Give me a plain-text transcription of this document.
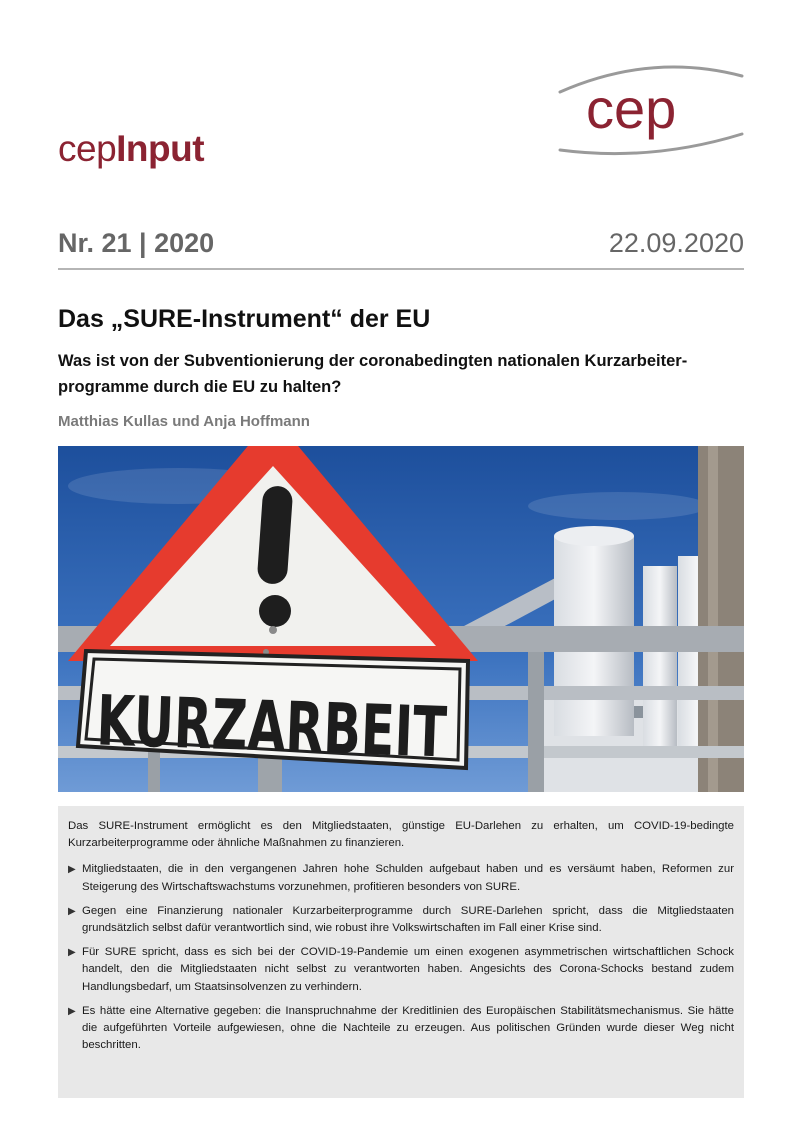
cep
cepInput
Nr. 21 | 2020	22.09.2020
Das „SURE-Instrument“ der EU
Was ist von der Subventionierung der coronabedingten nationalen Kurzarbeiter-programme durch die EU zu halten?
Matthias Kullas und Anja Hoffmann
KURZARBEIT

Das SURE-Instrument ermöglicht es den Mitgliedstaaten, günstige EU-Darlehen zu erhalten, um COVID-19-bedingte Kurzarbeiterprogramme oder ähnliche Maßnahmen zu finanzieren.

▶ Mitgliedstaaten, die in den vergangenen Jahren hohe Schulden aufgebaut haben und es versäumt haben, Reformen zur Steigerung des Wirtschaftswachstums vorzunehmen, profitieren besonders von SURE.
▶ Gegen eine Finanzierung nationaler Kurzarbeiterprogramme durch SURE-Darlehen spricht, dass die Mitgliedstaaten grundsätzlich selbst dafür verantwortlich sind, wie robust ihre Volkswirtschaften im Fall einer Krise sind.
▶ Für SURE spricht, dass es sich bei der COVID-19-Pandemie um einen exogenen asymmetrischen wirtschaftlichen Schock handelt, den die Mitgliedstaaten nicht selbst zu verantworten haben. Angesichts des Corona-Schocks bestand zudem Handlungsbedarf, um Staatsinsolvenzen zu verhindern.
▶ Es hätte eine Alternative gegeben: die Inanspruchnahme der Kreditlinien des Europäischen Stabilitätsmechanismus. Sie hätte die aufgeführten Vorteile aufgewiesen, ohne die Nachteile zu erzeugen. Aus politischen Gründen wurde dieser Weg nicht beschritten.
